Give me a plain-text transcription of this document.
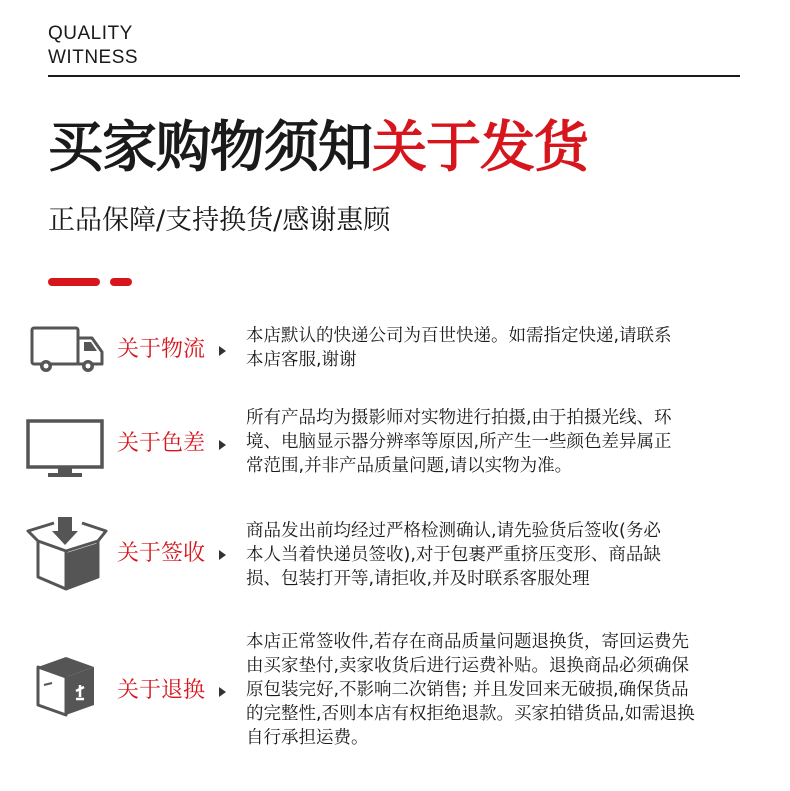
QUALITY
WITNESS
买家购物须知关于发货
正品保障/支持换货/感谢惠顾
关于物流
本店默认的快递公司为百世快递。如需指定快递,请联系
本店客服,谢谢
关于色差
所有产品均为摄影师对实物进行拍摄,由于拍摄光线、环
境、电脑显示器分辨率等原因,所产生一些颜色差异属正
常范围,并非产品质量问题,请以实物为准。
关于签收
商品发出前均经过严格检测确认,请先验货后签收(务必
本人当着快递员签收),对于包裹严重挤压变形、商品缺
损、包装打开等,请拒收,并及时联系客服处理
关于退换
本店正常签收件,若存在商品质量问题退换货，寄回运费先
由买家垫付,卖家收货后进行运费补贴。退换商品必须确保
原包装完好,不影响二次销售; 并且发回来无破损,确保货品
的完整性,否则本店有权拒绝退款。买家拍错货品,如需退换
自行承担运费。
